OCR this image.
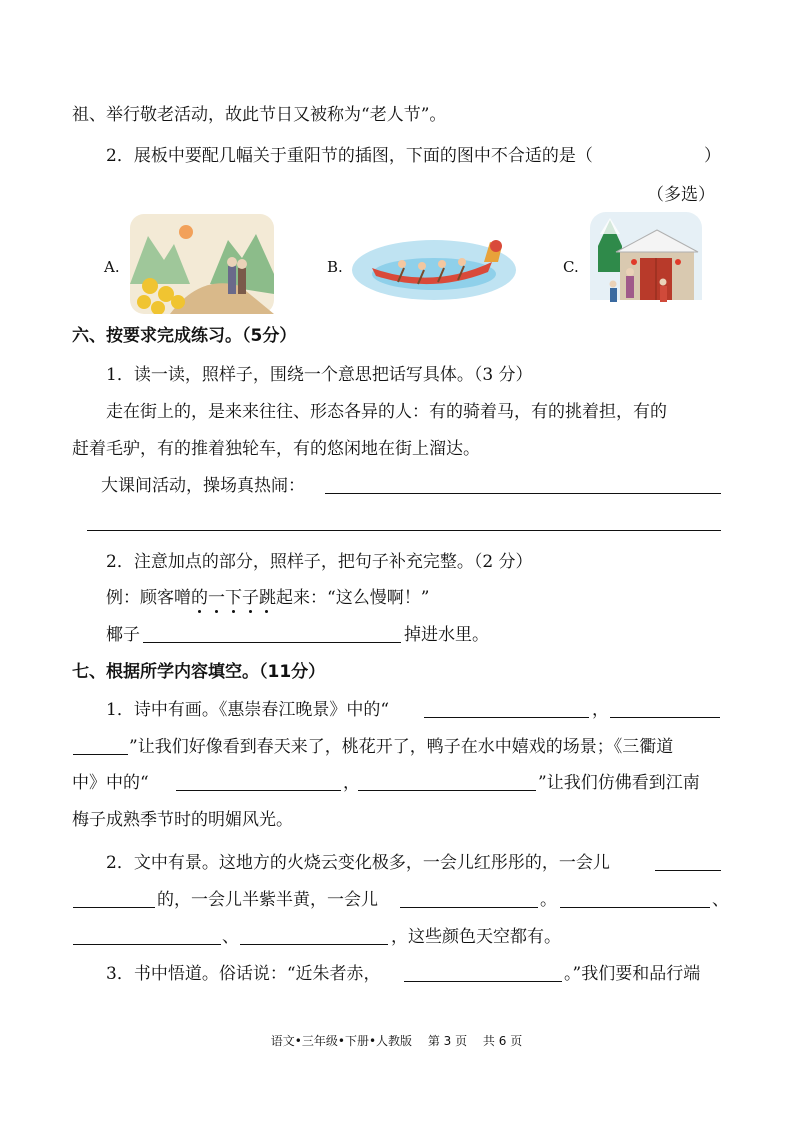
祖、举行敬老活动，故此节日又被称为“老人节”。
2．展板中要配几幅关于重阳节的插图，下面的图中不合适的是（	）
（多选）
A.	B.	C.
六、按要求完成练习。（5分）
1．读一读，照样子，围绕一个意思把话写具体。（3 分）
走在街上的，是来来往往、形态各异的人：有的骑着马，有的挑着担，有的
赶着毛驴，有的推着独轮车，有的悠闲地在街上溜达。
大课间活动，操场真热闹：
2．注意加点的部分，照样子，把句子补充完整。（2 分）
例：顾客噌的一下子跳起来：“这么慢啊！”
椰子	掉进水里。
七、根据所学内容填空。（11分）
1．诗中有画。《惠崇春江晚景》中的“	，
”让我们好像看到春天来了，桃花开了，鸭子在水中嬉戏的场景；《三衢道
中》中的“	，	”让我们仿佛看到江南
梅子成熟季节时的明媚风光。
2．文中有景。这地方的火烧云变化极多，一会儿红彤彤的，一会儿
的，一会儿半紫半黄，一会儿	。	、
、	，这些颜色天空都有。
3．书中悟道。俗话说：“近朱者赤，	。”我们要和品行端
语文•三年级•下册•人教版　 第 3 页　 共 6 页
